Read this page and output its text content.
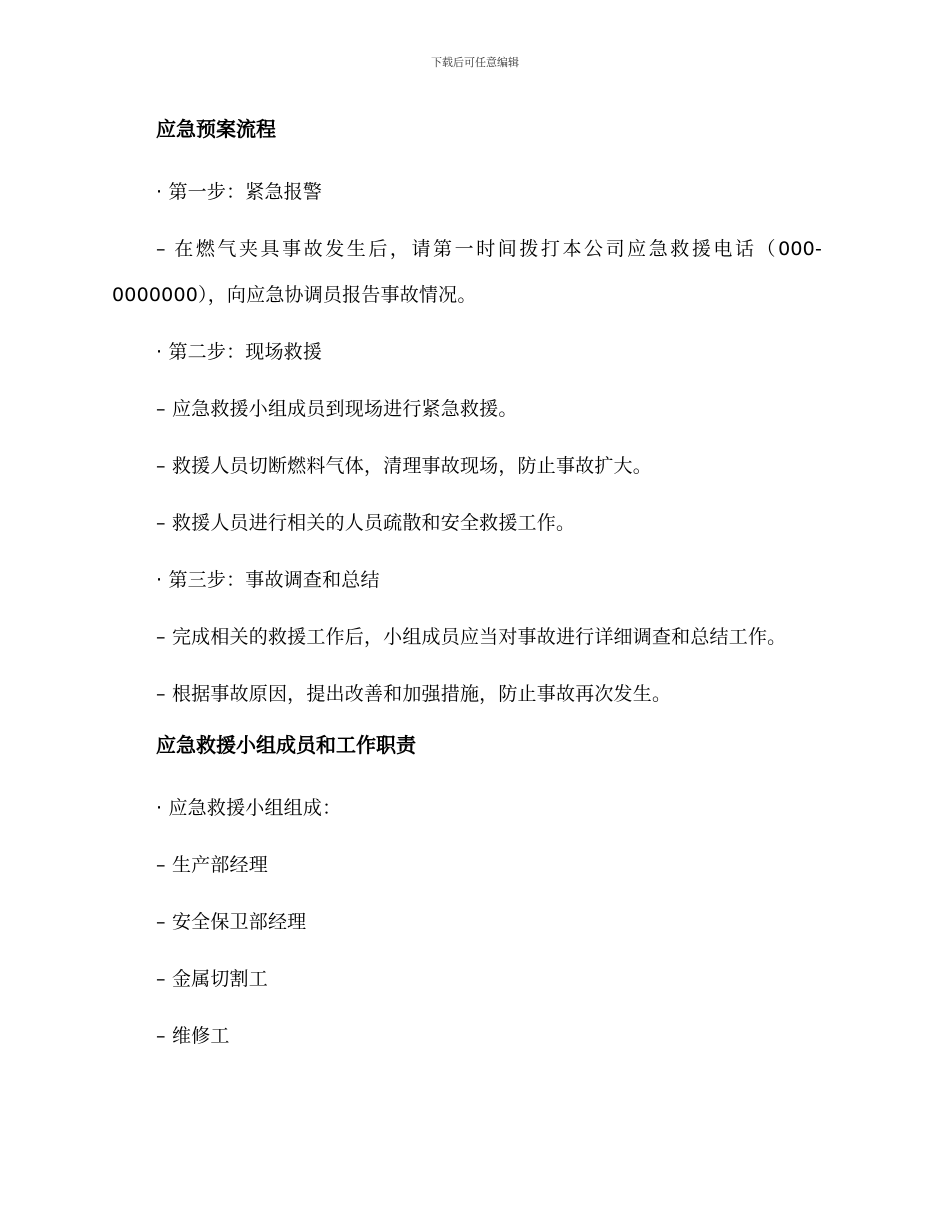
下载后可任意编辑
应急预案流程
· 第一步：紧急报警
– 在燃气夹具事故发生后，请第一时间拨打本公司应急救援电话（000-0000000），向应急协调员报告事故情况。
· 第二步：现场救援
– 应急救援小组成员到现场进行紧急救援。
– 救援人员切断燃料气体，清理事故现场，防止事故扩大。
– 救援人员进行相关的人员疏散和安全救援工作。
· 第三步：事故调查和总结
– 完成相关的救援工作后，小组成员应当对事故进行详细调查和总结工作。
– 根据事故原因，提出改善和加强措施，防止事故再次发生。
应急救援小组成员和工作职责
· 应急救援小组组成：
– 生产部经理
– 安全保卫部经理
– 金属切割工
– 维修工
